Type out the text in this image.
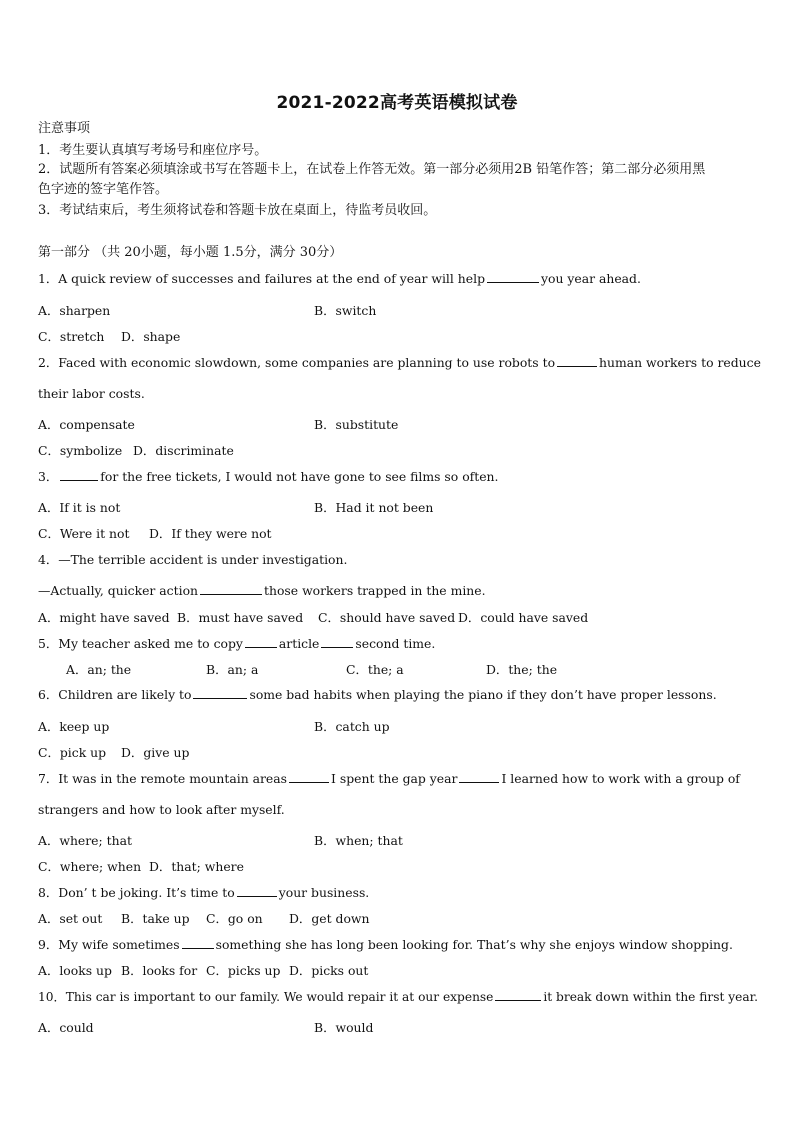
2021-2022高考英语模拟试卷
注意事项
1．考生要认真填写考场号和座位序号。
2．试题所有答案必须填涂或书写在答题卡上，在试卷上作答无效。第一部分必须用2B 铅笔作答；第二部分必须用黑
色字迹的签字笔作答。
3．考试结束后，考生须将试卷和答题卡放在桌面上，待监考员收回。
第一部分 （共 20小题，每小题 1.5分，满分 30分）
1．A quick review of successes and failures at the end of year will help	you year ahead.
A．sharpen	B．switch
C．stretch D．shape
2．Faced with economic slowdown, some companies are planning to use robots to	human workers to reduce
their labor costs.
A．compensate	B．substitute
C．symbolize D．discriminate
3．	for the free tickets, I would not have gone to see films so often.
A．If it is not	B．Had it not been
C．Were it not D．If they were not
4．—The terrible accident is under investigation.
—Actually, quicker action	those workers trapped in the mine.
A．might have saved B．must have saved C．should have saved D．could have saved
5．My teacher asked me to copy	article	second time.
A．an; the	B．an; a	C．the; a	D．the; the
6．Children are likely to	some bad habits when playing the piano if they don’t have proper lessons.
A．keep up	B．catch up
C．pick up D．give up
7．It was in the remote mountain areas	I spent the gap year	I learned how to work with a group of
strangers and how to look after myself.
A．where; that	B．when; that
C．where; when D．that; where
8．Don’ t be joking. It’s time to	your business.
A．set out B．take up C．go on D．get down
9．My wife sometimes	something she has long been looking for. That’s why she enjoys window shopping.
A．looks up B．looks for C．picks up D．picks out
10．This car is important to our family. We would repair it at our expense	it break down within the first year.
A．could	B．would
